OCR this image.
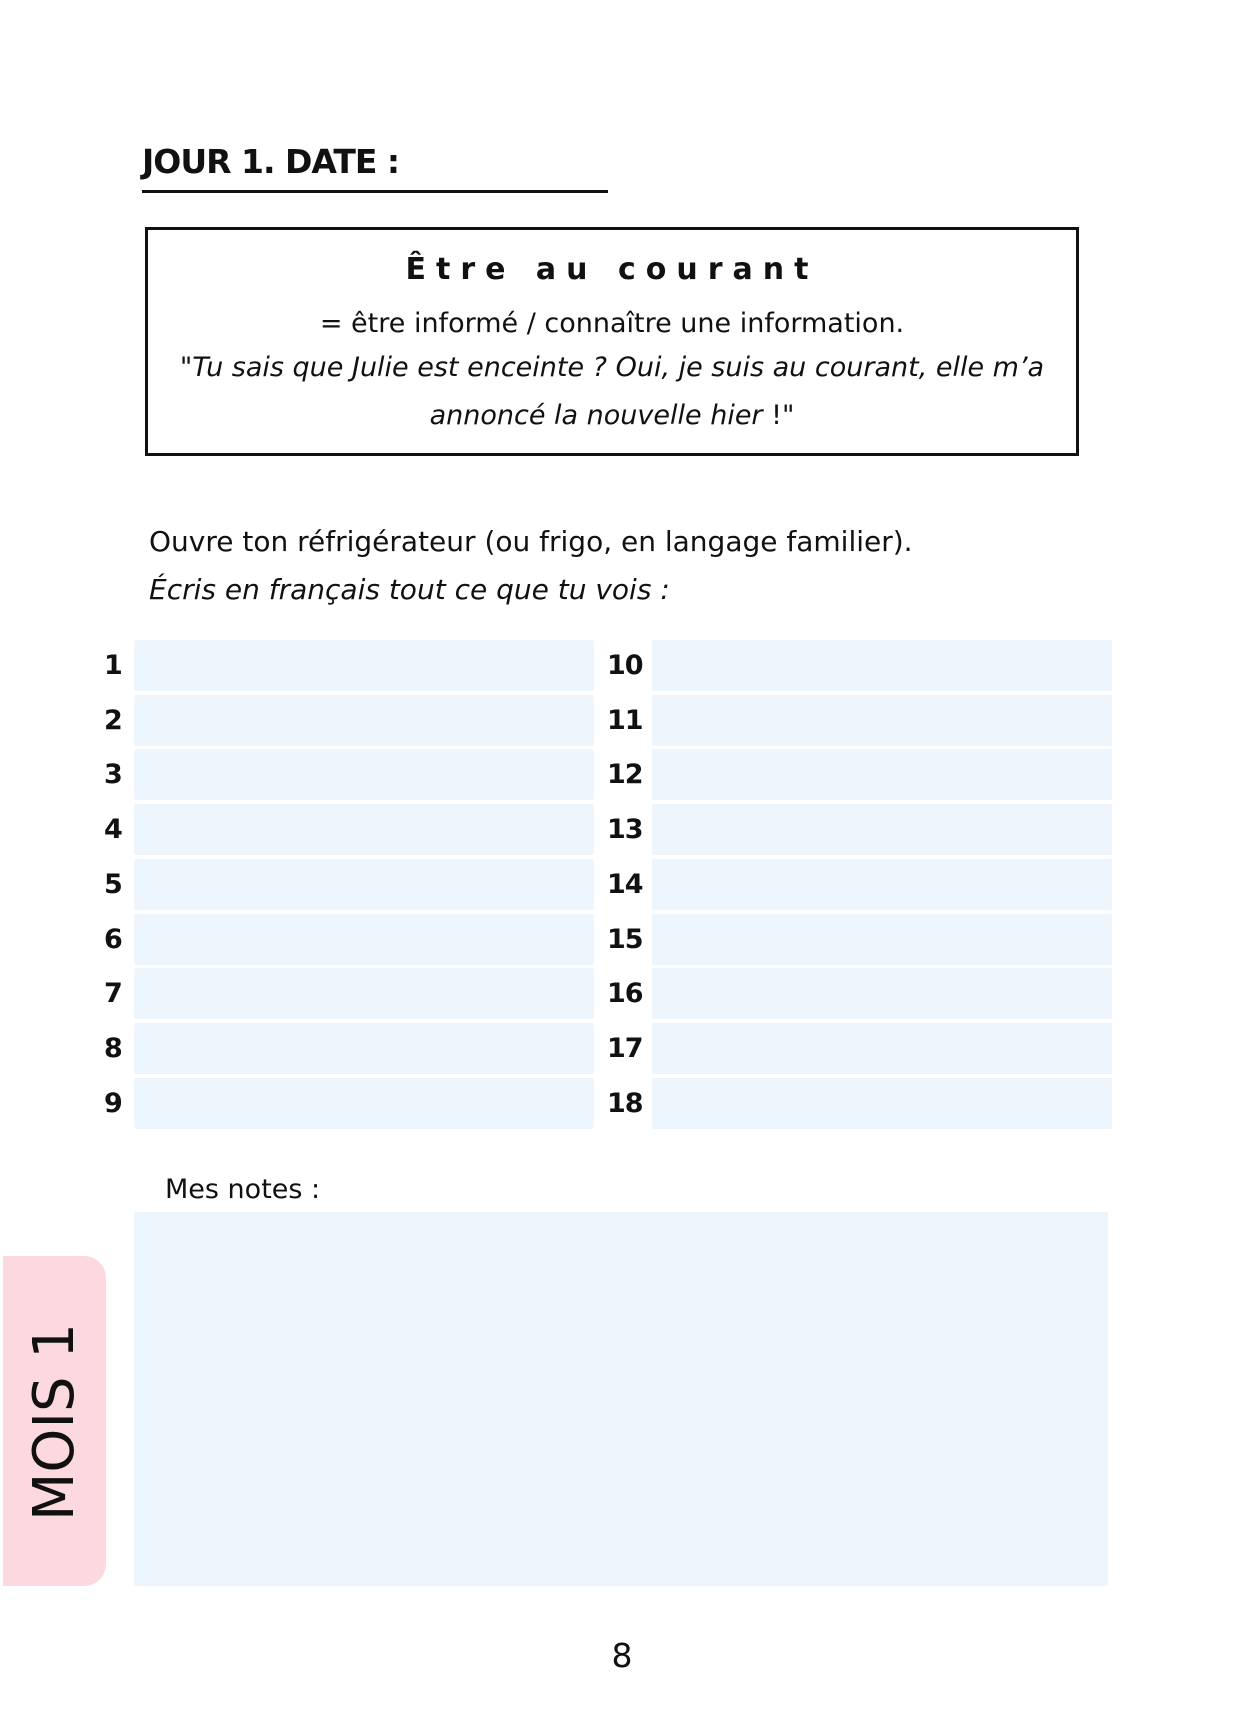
JOUR 1. DATE :
Être au courant
= être informé / connaître une information.
"Tu sais que Julie est enceinte ? Oui, je suis au courant, elle m’a annoncé la nouvelle hier !"
Ouvre ton réfrigérateur (ou frigo, en langage familier).
Écris en français tout ce que tu vois :
1
2
3
4
5
6
7
8
9
10
11
12
13
14
15
16
17
18
Mes notes :
MOIS 1
8
